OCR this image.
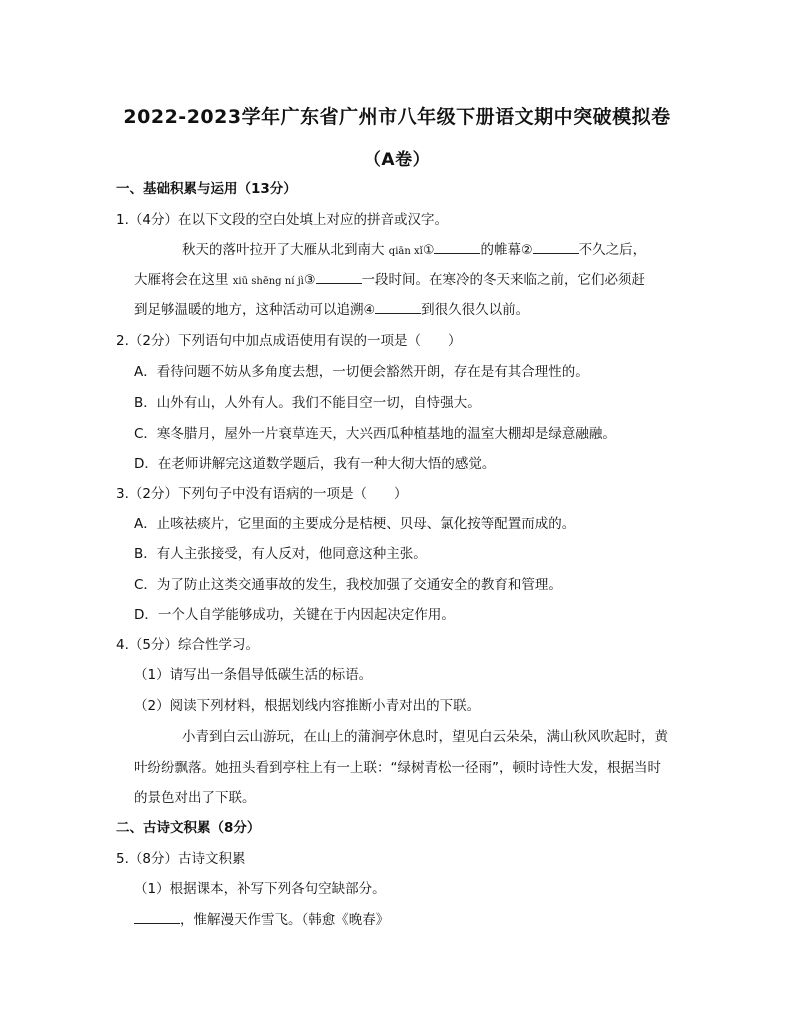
2022-2023学年广东省广州市八年级下册语文期中突破模拟卷
（A卷）
一、基础积累与运用（13分）
1.（4分）在以下文段的空白处填上对应的拼音或汉字。
秋天的落叶拉开了大雁从北到南大 qiān xǐ①	的帷幕②	不久之后，
大雁将会在这里 xiū shēng ní jì③	一段时间。在寒冷的冬天来临之前，它们必须赶
到足够温暖的地方，这种活动可以追溯④	到很久很久以前。
2.（2分）下列语句中加点成语使用有误的一项是（　　）
A．看待问题不妨从多角度去想，一切便会豁然开朗，存在是有其合理性的。
B．山外有山，人外有人。我们不能目空一切，自恃强大。
C．寒冬腊月，屋外一片衰草连天，大兴西瓜种植基地的温室大棚却是绿意融融。
D．在老师讲解完这道数学题后，我有一种大彻大悟的感觉。
3.（2分）下列句子中没有语病的一项是（　　）
A．止咳祛痰片，它里面的主要成分是桔梗、贝母、氯化按等配置而成的。
B．有人主张接受，有人反对，他同意这种主张。
C．为了防止这类交通事故的发生，我校加强了交通安全的教育和管理。
D．一个人自学能够成功，关键在于内因起决定作用。
4.（5分）综合性学习。
（1）请写出一条倡导低碳生活的标语。
（2）阅读下列材料，根据划线内容推断小青对出的下联。
小青到白云山游玩，在山上的蒲涧亭休息时，望见白云朵朵，满山秋风吹起时，黄
叶纷纷飘落。她扭头看到亭柱上有一上联：“绿树青松一径雨”，顿时诗性大发，根据当时
的景色对出了下联。
二、古诗文积累（8分）
5.（8分）古诗文积累
（1）根据课本，补写下列各句空缺部分。
，惟解漫天作雪飞。（韩愈《晚春》
